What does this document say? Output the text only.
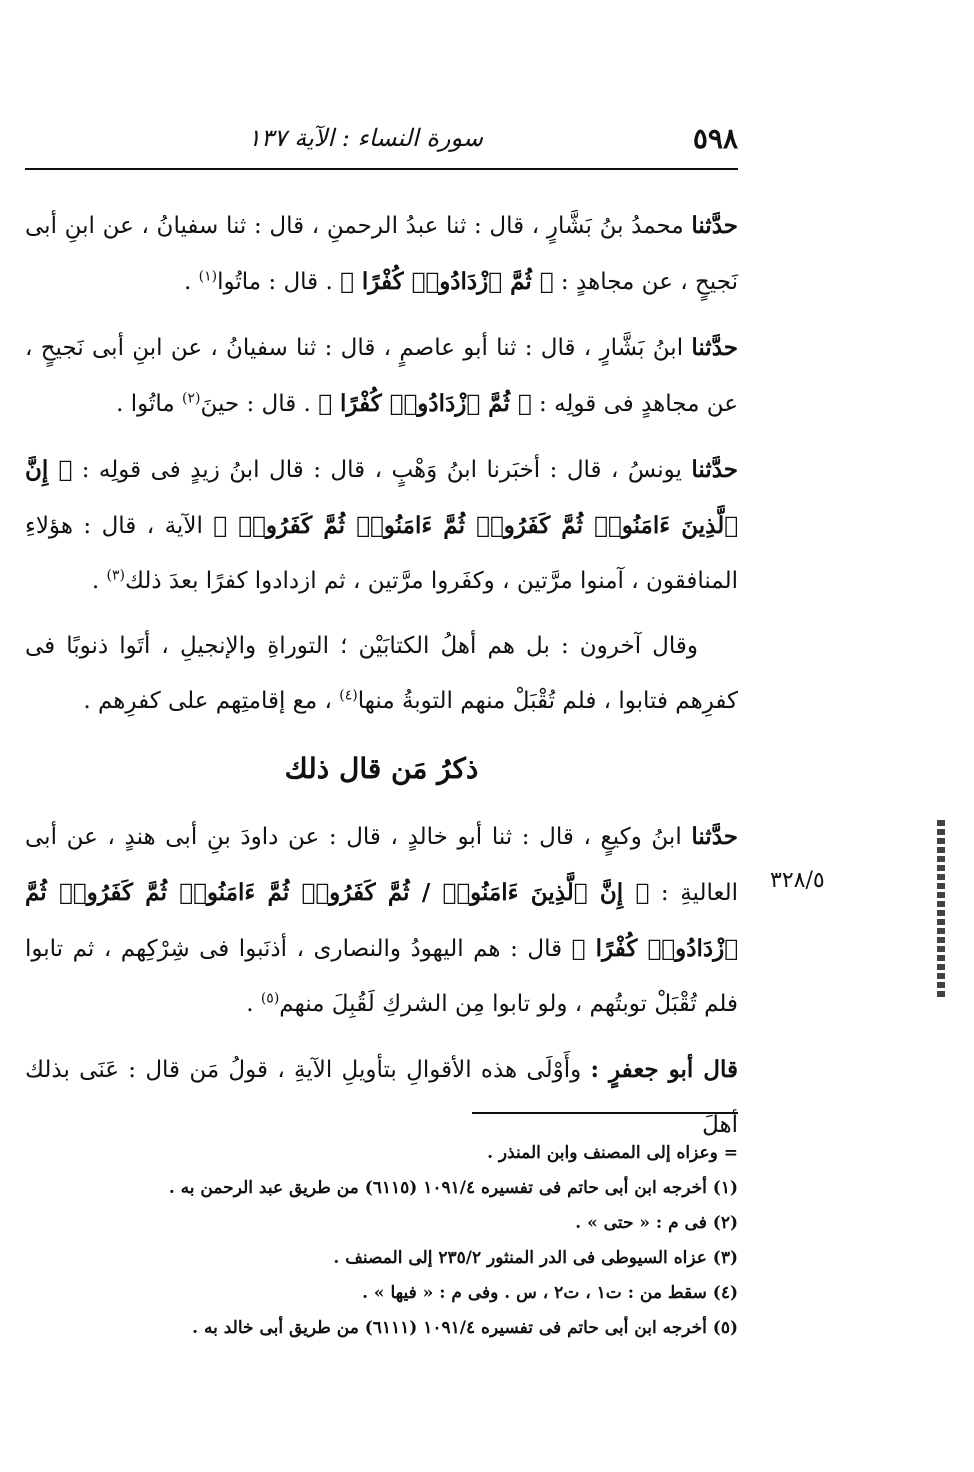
٥٩٨
سورة النساء : الآية ١٣٧

حدَّثنا محمدُ بنُ بَشَّارٍ ، قال : ثنا عبدُ الرحمنِ ، قال : ثنا سفيانُ ، عن ابنِ أبى نَجيحٍ ، عن مجاهدٍ : ﴿ ثُمَّ ٱزْدَادُوا۟ كُفْرًا ﴾ . قال : ماتُوا$^{(١)}$ .

حدَّثنا ابنُ بَشَّارٍ ، قال : ثنا أبو عاصمٍ ، قال : ثنا سفيانُ ، عن ابنِ أبى نَجيحٍ ، عن مجاهدٍ فى قولِه : ﴿ ثُمَّ ٱزْدَادُوا۟ كُفْرًا ﴾ . قال : حينَ$^{(٢)}$ ماتُوا .

حدَّثنا يونسُ ، قال : أخبَرنا ابنُ وَهْبٍ ، قال : قال ابنُ زيدٍ فى قولِه : ﴿ إِنَّ ٱلَّذِينَ ءَامَنُوا۟ ثُمَّ كَفَرُوا۟ ثُمَّ ءَامَنُوا۟ ثُمَّ كَفَرُوا۟ ﴾ الآية ، قال : هؤلاءِ المنافقون ، آمنوا مرَّتين ، وكفَروا مرَّتين ، ثم ازدادوا كفرًا بعدَ ذلك$^{(٣)}$ .

وقال آخرون : بل هم أهلُ الكتابَيْن ؛ التوراةِ والإنجيلِ ، أتَوا ذنوبًا فى كفرِهم فتابوا ، فلم تُقْبَلْ منهم التوبةُ منها$^{(٤)}$ ، مع إقامتِهم على كفرِهم .

ذكرُ مَن قال ذلك

حدَّثنا ابنُ وكيعٍ ، قال : ثنا أبو خالدٍ ، قال : عن داودَ بنِ أبى هندٍ ، عن أبى العاليةِ : ﴿ إِنَّ ٱلَّذِينَ ءَامَنُوا۟ / ثُمَّ كَفَرُوا۟ ثُمَّ ءَامَنُوا۟ ثُمَّ كَفَرُوا۟ ثُمَّ ٱزْدَادُوا۟ كُفْرًا ﴾ قال : هم اليهودُ والنصارى ، أذنَبوا فى شِرْكِهم ، ثم تابوا فلم تُقْبَلْ توبتُهم ، ولو تابوا مِن الشركِ لَقُبِلَ منهم$^{(٥)}$ .

قال أبو جعفرٍ : وأَوْلَى هذه الأقوالِ بتأويلِ الآيةِ ، قولُ مَن قال : عَنَى بذلك أهلَ

٣٢٨/٥

= وعزاه إلى المصنف وابن المنذر .

(١) أخرجه ابن أبى حاتم فى تفسيره ١٠٩١/٤ (٦١١٥) من طريق عبد الرحمن به .

(٢) فى م : « حتى » .

(٣) عزاه السيوطى فى الدر المنثور ٢٣٥/٢ إلى المصنف .

(٤) سقط من : ت١ ، ت٢ ، س . وفى م : « فيها » .

(٥) أخرجه ابن أبى حاتم فى تفسيره ١٠٩١/٤ (٦١١١) من طريق أبى خالد به .
